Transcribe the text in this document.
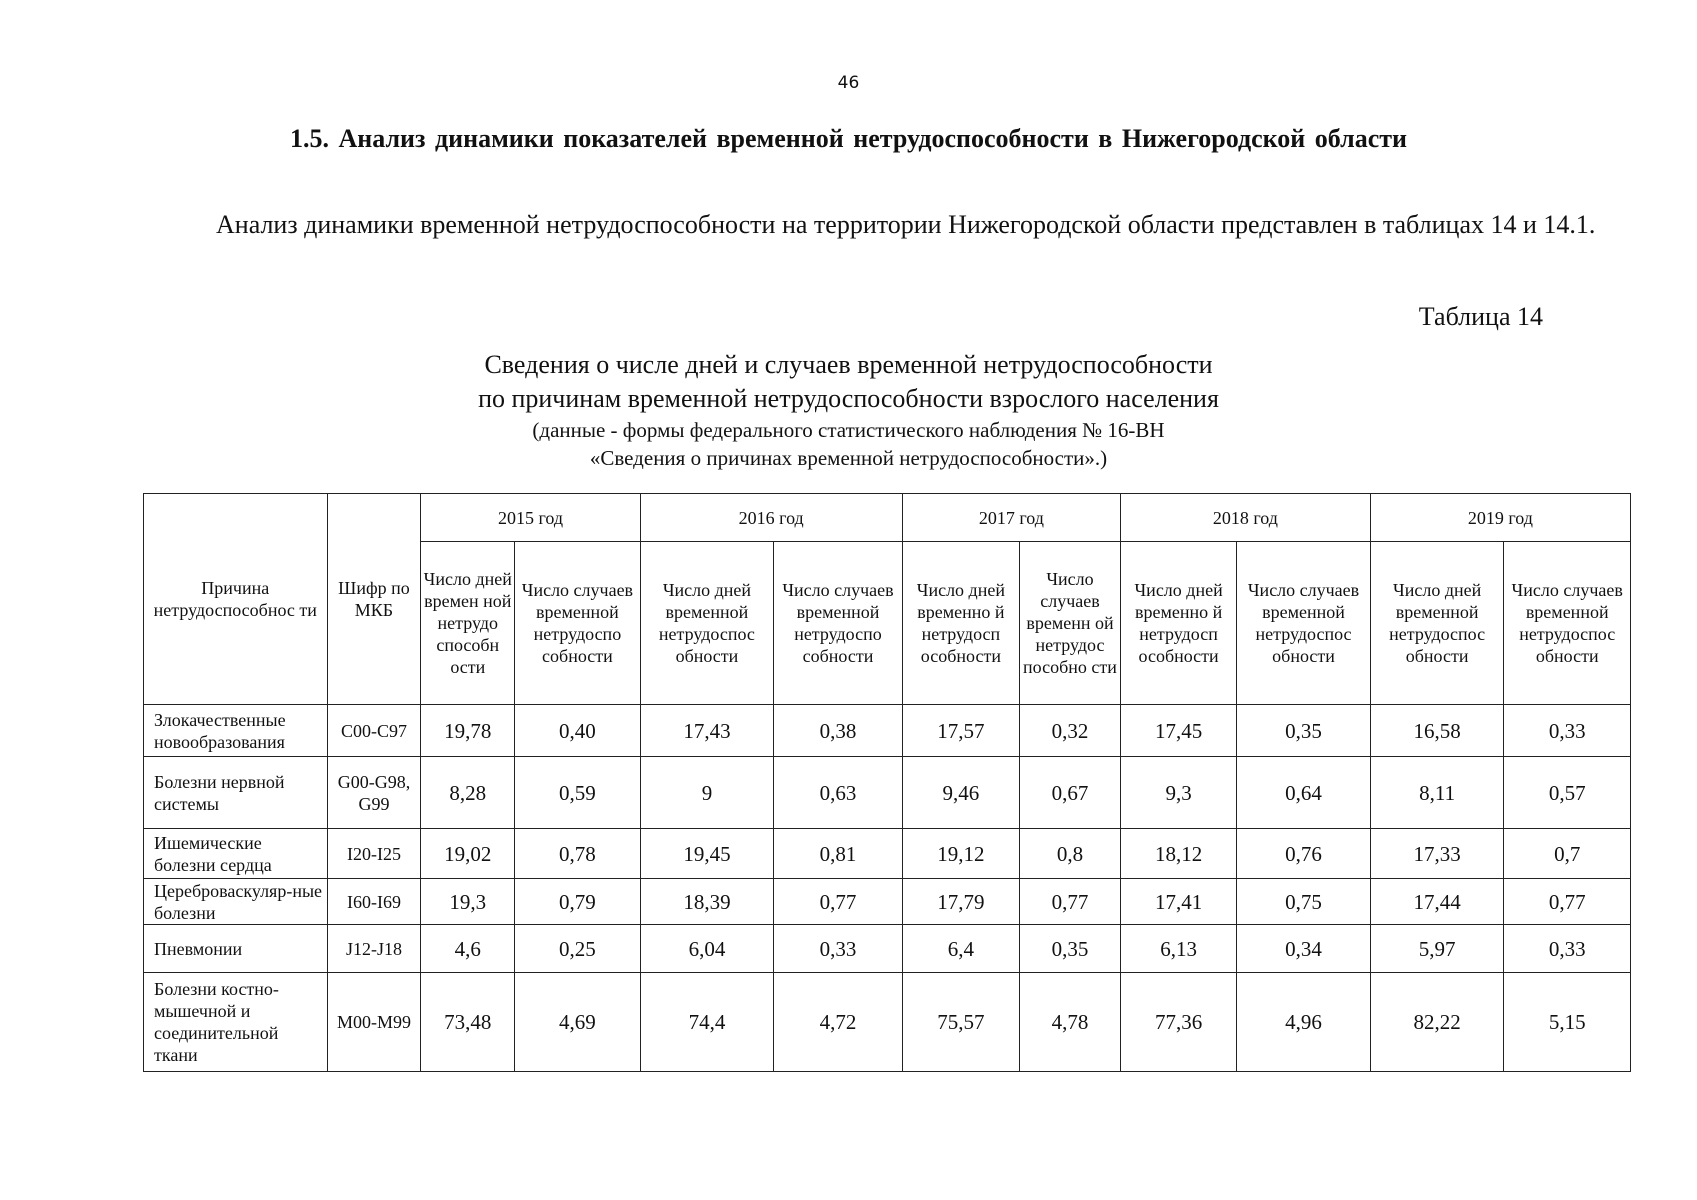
46
1.5. Анализ динамики показателей временной нетрудоспособности в Нижегородской области
Анализ динамики временной нетрудоспособности на территории Нижегородской области представлен в таблицах 14 и 14.1.
Таблица 14
Сведения о числе дней и случаев временной нетрудоспособности
по причинам временной нетрудоспособности взрослого населения
(данные - формы федерального статистического наблюдения № 16-ВН
«Сведения о причинах временной нетрудоспособности».)
Причина нетрудоспособнос ти	Шифр по МКБ	2015 год		2016 год		2017 год		2018 год		2019 год	
		Число дней времен ной нетрудо способн ости	Число случаев временной нетрудоспо собности	Число дней временной нетрудоспос обности	Число случаев временной нетрудоспо собности	Число дней временно й нетрудосп особности	Число случаев временн ой нетрудос пособно сти	Число дней временно й нетрудосп особности	Число случаев временной нетрудоспос обности	Число дней временной нетрудоспос обности	Число случаев временной нетрудоспос обности
Злокачественные новообразования	С00-С97	19,78	0,40	17,43	0,38	17,57	0,32	17,45	0,35	16,58	0,33
Болезни нервной системы	G00-G98, G99	8,28	0,59	9	0,63	9,46	0,67	9,3	0,64	8,11	0,57
Ишемические болезни сердца	I20-I25	19,02	0,78	19,45	0,81	19,12	0,8	18,12	0,76	17,33	0,7
Цереброваскуляр-ные болезни	I60-I69	19,3	0,79	18,39	0,77	17,79	0,77	17,41	0,75	17,44	0,77
Пневмонии	J12-J18	4,6	0,25	6,04	0,33	6,4	0,35	6,13	0,34	5,97	0,33
Болезни костно-мышечной и соединительной ткани	M00-M99	73,48	4,69	74,4	4,72	75,57	4,78	77,36	4,96	82,22	5,15
